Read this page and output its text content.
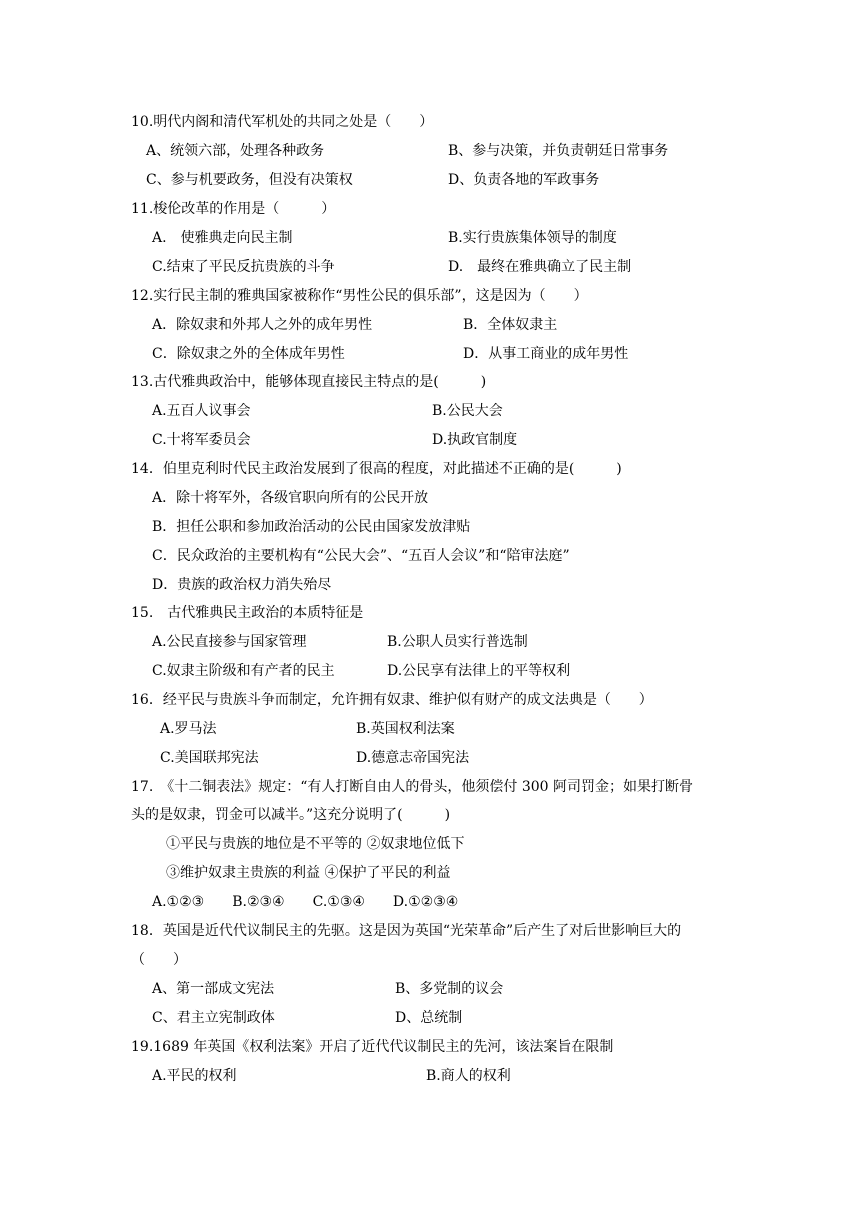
10.明代内阁和清代军机处的共同之处是（　　）
A、统领六部，处理各种政务	B、参与决策，并负责朝廷日常事务
C、参与机要政务，但没有决策权	D、负责各地的军政事务
11.梭伦改革的作用是（　　　）
A.　使雅典走向民主制	B.实行贵族集体领导的制度
C.结束了平民反抗贵族的斗争	D.　最终在雅典确立了民主制
12.实行民主制的雅典国家被称作“男性公民的俱乐部”，这是因为（　　）
A．除奴隶和外邦人之外的成年男性	B．全体奴隶主
C．除奴隶之外的全体成年男性	D．从事工商业的成年男性
13.古代雅典政治中，能够体现直接民主特点的是(　　　)
A.五百人议事会	B.公民大会
C.十将军委员会	D.执政官制度
14．伯里克利时代民主政治发展到了很高的程度，对此描述不正确的是(　　　)
A．除十将军外，各级官职向所有的公民开放
B．担任公职和参加政治活动的公民由国家发放津贴
C．民众政治的主要机构有“公民大会”、“五百人会议”和“陪审法庭”
D．贵族的政治权力消失殆尽
15.　古代雅典民主政治的本质特征是
A.公民直接参与国家管理	B.公职人员实行普选制
C.奴隶主阶级和有产者的民主	D.公民享有法律上的平等权利
16．经平民与贵族斗争而制定，允许拥有奴隶、维护似有财产的成文法典是（　　）
A.罗马法	B.英国权利法案
C.美国联邦宪法	D.德意志帝国宪法
17.　《十二铜表法》规定：“有人打断自由人的骨头，他须偿付 300 阿司罚金；如果打断骨
头的是奴隶，罚金可以减半。”这充分说明了(　　　)
①平民与贵族的地位是不平等的 ②奴隶地位低下
③维护奴隶主贵族的利益 ④保护了平民的利益
A.①②③　　B.②③④　　C.①③④　　D.①②③④
18．英国是近代代议制民主的先驱。这是因为英国“光荣革命”后产生了对后世影响巨大的
（　　）
A、第一部成文宪法	B、多党制的议会
C、君主立宪制政体	D、总统制
19.1689 年英国《权利法案》开启了近代代议制民主的先河，该法案旨在限制
A.平民的权利	B.商人的权利
